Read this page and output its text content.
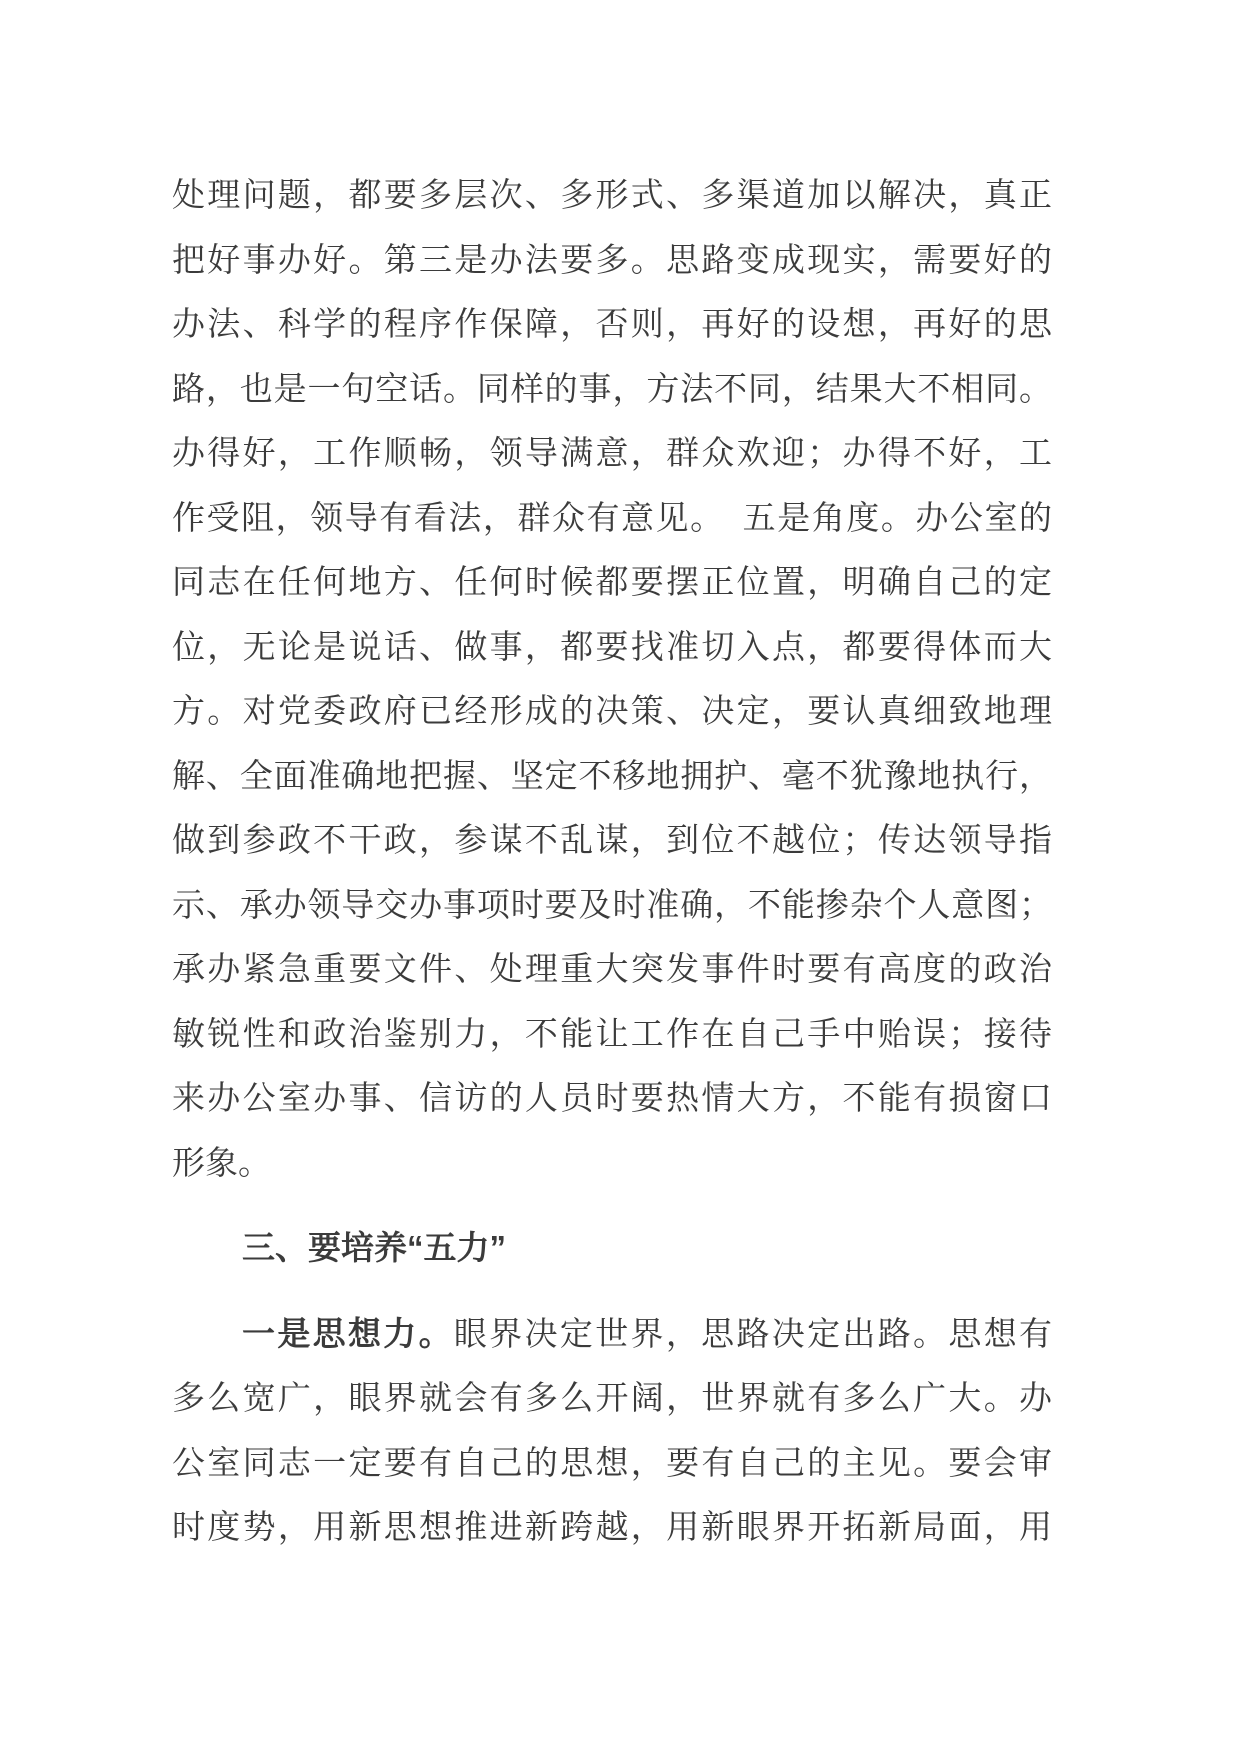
处理问题，都要多层次、多形式、多渠道加以解决，真正
把好事办好。第三是办法要多。思路变成现实，需要好的
办法、科学的程序作保障，否则，再好的设想，再好的思
路，也是一句空话。同样的事，方法不同，结果大不相同。
办得好，工作顺畅，领导满意，群众欢迎；办得不好，工
作受阻，领导有看法，群众有意见。　五是角度。办公室的
同志在任何地方、任何时候都要摆正位置，明确自己的定
位，无论是说话、做事，都要找准切入点，都要得体而大
方。对党委政府已经形成的决策、决定，要认真细致地理
解、全面准确地把握、坚定不移地拥护、毫不犹豫地执行，
做到参政不干政，参谋不乱谋，到位不越位；传达领导指
示、承办领导交办事项时要及时准确，不能掺杂个人意图；
承办紧急重要文件、处理重大突发事件时要有高度的政治
敏锐性和政治鉴别力，不能让工作在自己手中贻误；接待
来办公室办事、信访的人员时要热情大方，不能有损窗口
形象。
三、要培养“五力”
一是思想力。眼界决定世界，思路决定出路。思想有
多么宽广，眼界就会有多么开阔，世界就有多么广大。办
公室同志一定要有自己的思想，要有自己的主见。要会审
时度势，用新思想推进新跨越，用新眼界开拓新局面，用
